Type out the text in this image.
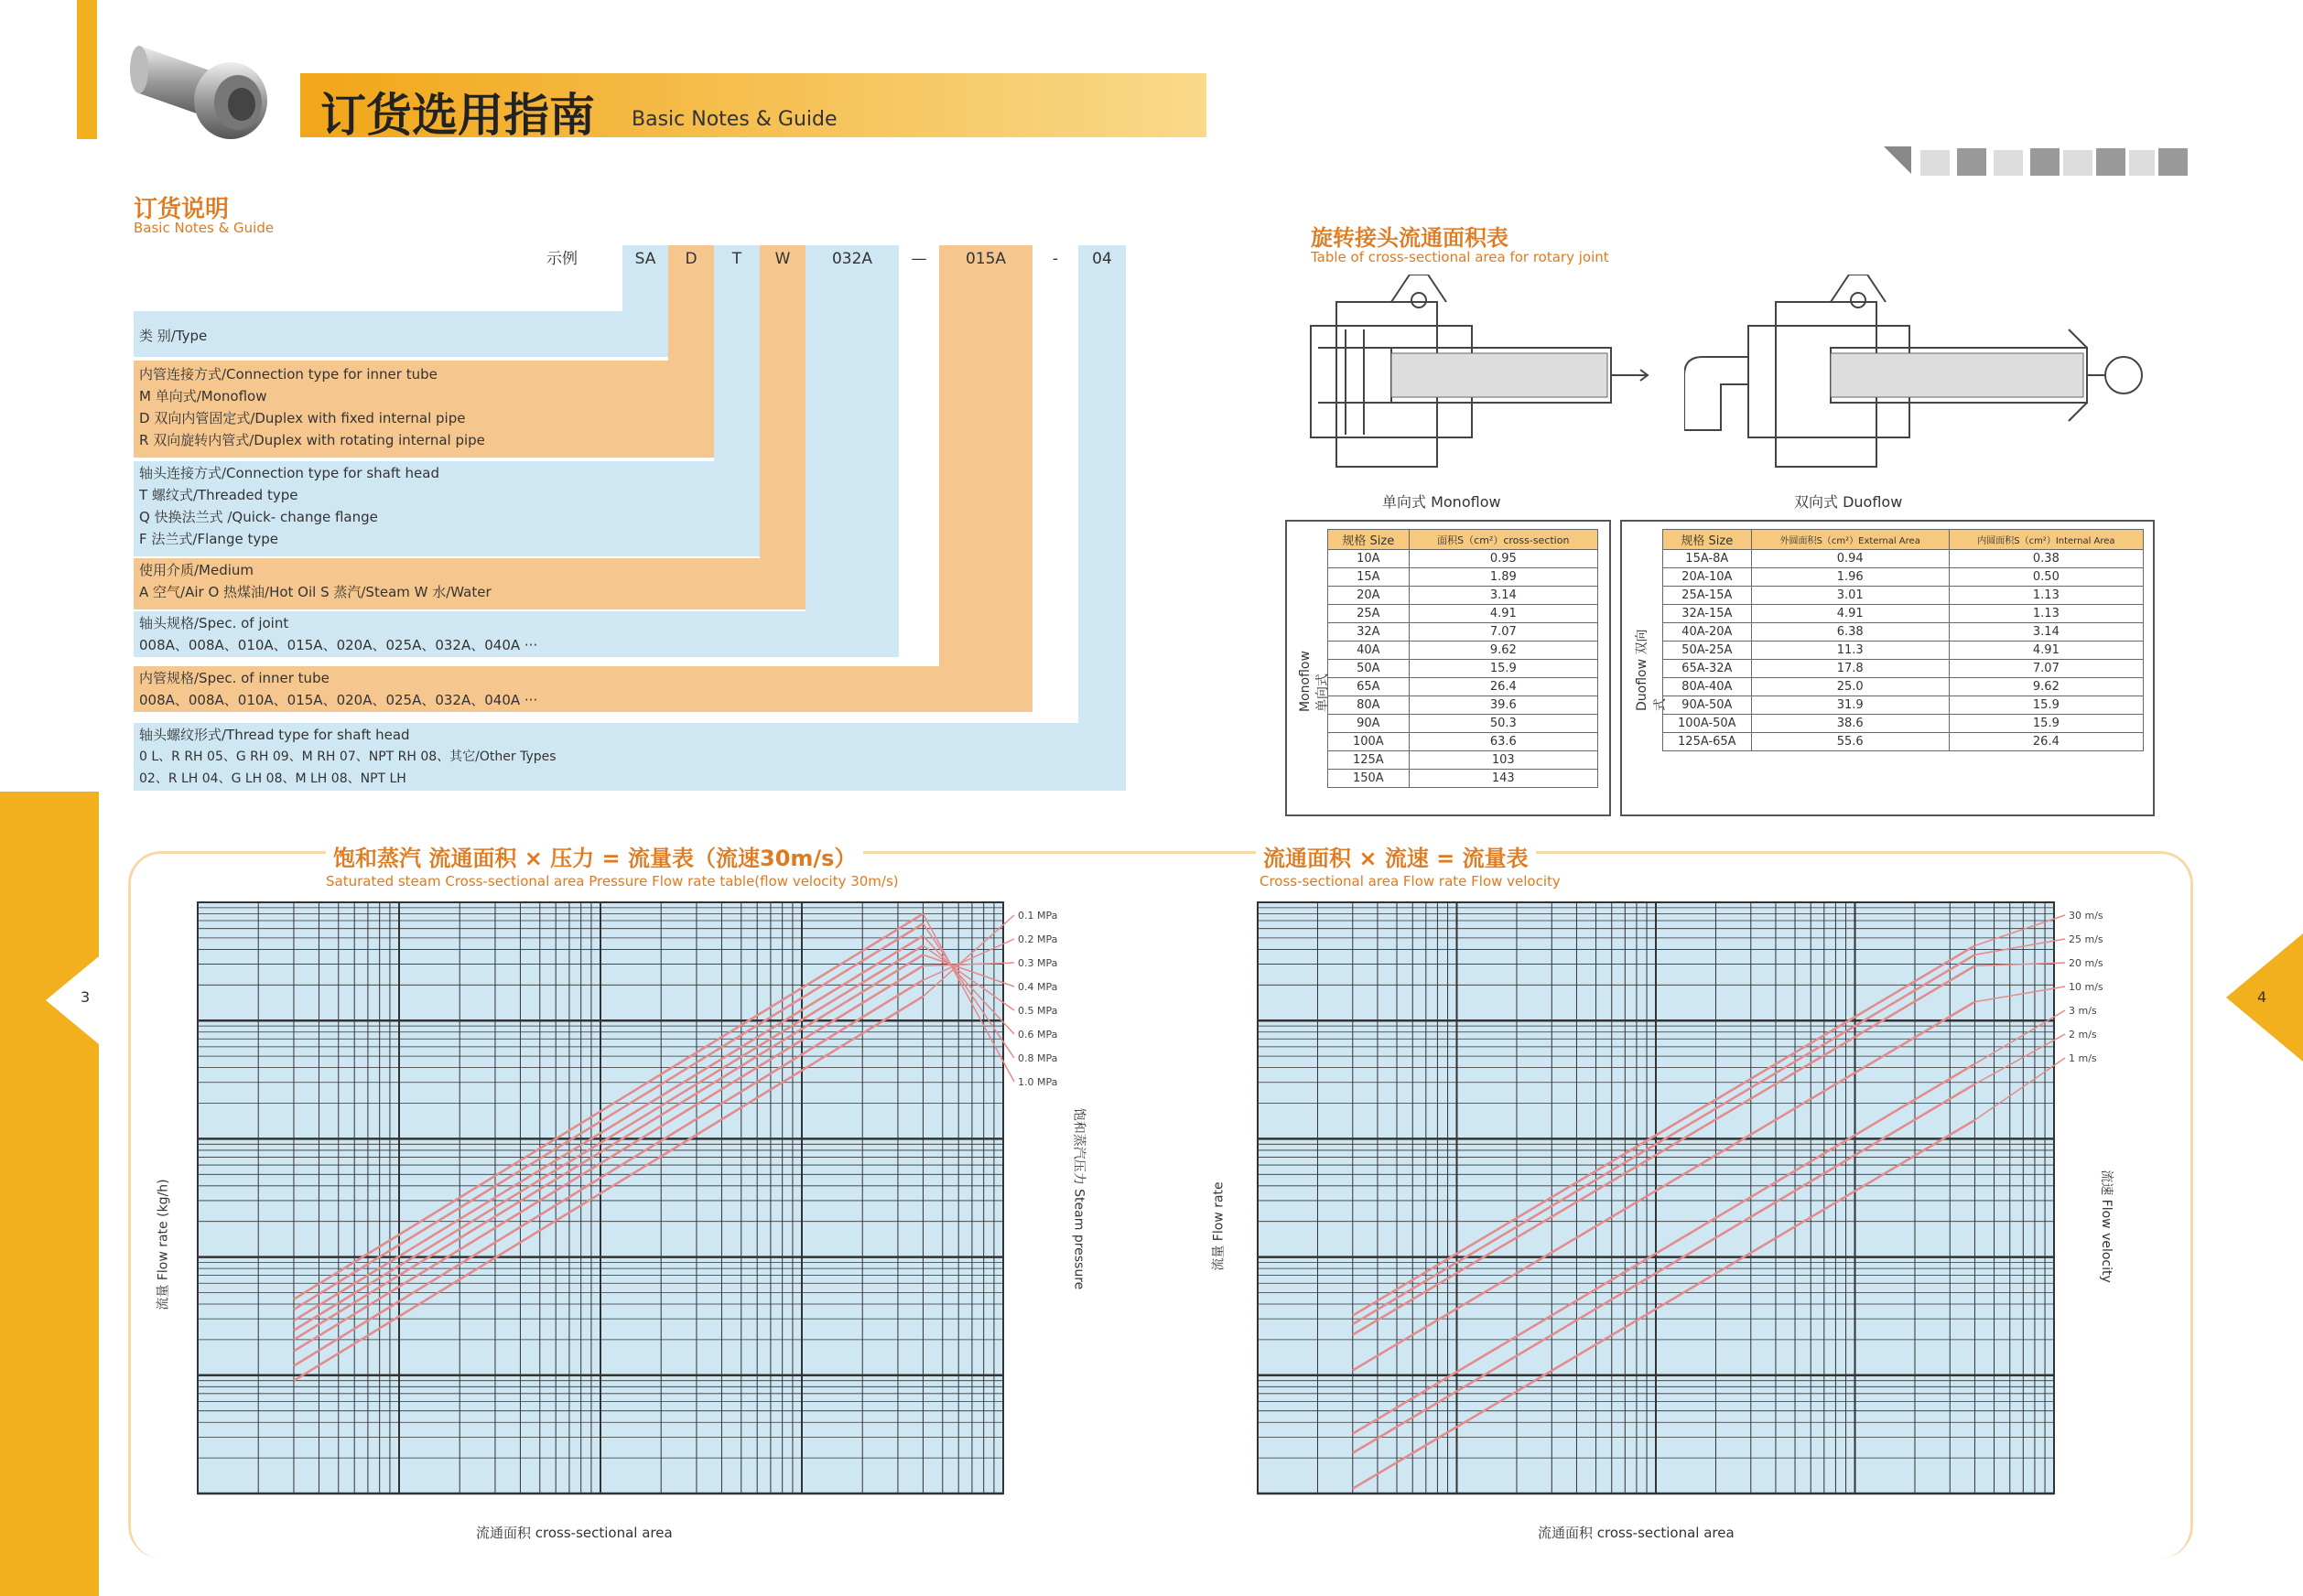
3	4
订货选用指南 Basic Notes & Guide
订货说明
Basic Notes & Guide
示例	SA	D	T	W	032A	—	015A	-	04
类 别/Type
内管连接方式/Connection type for inner tube
M 单向式/Monoflow
D 双向内管固定式/Duplex with fixed internal pipe
R 双向旋转内管式/Duplex with rotating internal pipe
轴头连接方式/Connection type for shaft head
T 螺纹式/Threaded type
Q 快换法兰式 /Quick- change flange
F 法兰式/Flange type
使用介质/Medium
A 空气/Air O 热煤油/Hot Oil S 蒸汽/Steam W 水/Water
轴头规格/Spec. of joint
008A、008A、010A、015A、020A、025A、032A、040A ···
内管规格/Spec. of inner tube
008A、008A、010A、015A、020A、025A、032A、040A ···
轴头螺纹形式/Thread type for shaft head
0 L、R RH 05、G RH 09、M RH 07、NPT RH 08、其它/Other Types
02、R LH 04、G LH 08、M LH 08、NPT LH
旋转接头流通面积表
Table of cross-sectional area for rotary joint
单向式 Monoflow	双向式 Duoflow
Monoflow 单向式
规格 Size	面积S（cm²）cross-section
10A	0.95
15A	1.89
20A	3.14
25A	4.91
32A	7.07
40A	9.62
50A	15.9
65A	26.4
80A	39.6
90A	50.3
100A	63.6
125A	103
150A	143
Duoflow 双向式
规格 Size	外圆面积S（cm²）External Area	内圆面积S（cm²）Internal Area
15A-8A	0.94	0.38
20A-10A	1.96	0.50
25A-15A	3.01	1.13
32A-15A	4.91	1.13
40A-20A	6.38	3.14
50A-25A	11.3	4.91
65A-32A	17.8	7.07
80A-40A	25.0	9.62
90A-50A	31.9	15.9
100A-50A	38.6	15.9
125A-65A	55.6	26.4
饱和蒸汽 流通面积 × 压力 = 流量表（流速30m/s）
Saturated steam Cross-sectional area Pressure Flow rate table(flow velocity 30m/s)
流量 Flow rate (kg/h)	饱和蒸汽压力 Steam pressure
流通面积 cross-sectional area
0.1 MPa
0.2 MPa
0.3 MPa
0.4 MPa
0.5 MPa
0.6 MPa
0.8 MPa
1.0 MPa
流通面积 × 流速 = 流量表
Cross-sectional area Flow rate Flow velocity
流量 Flow rate	流速 Flow velocity
流通面积 cross-sectional area
30 m/s
25 m/s
20 m/s
10 m/s
3 m/s
2 m/s
1 m/s
